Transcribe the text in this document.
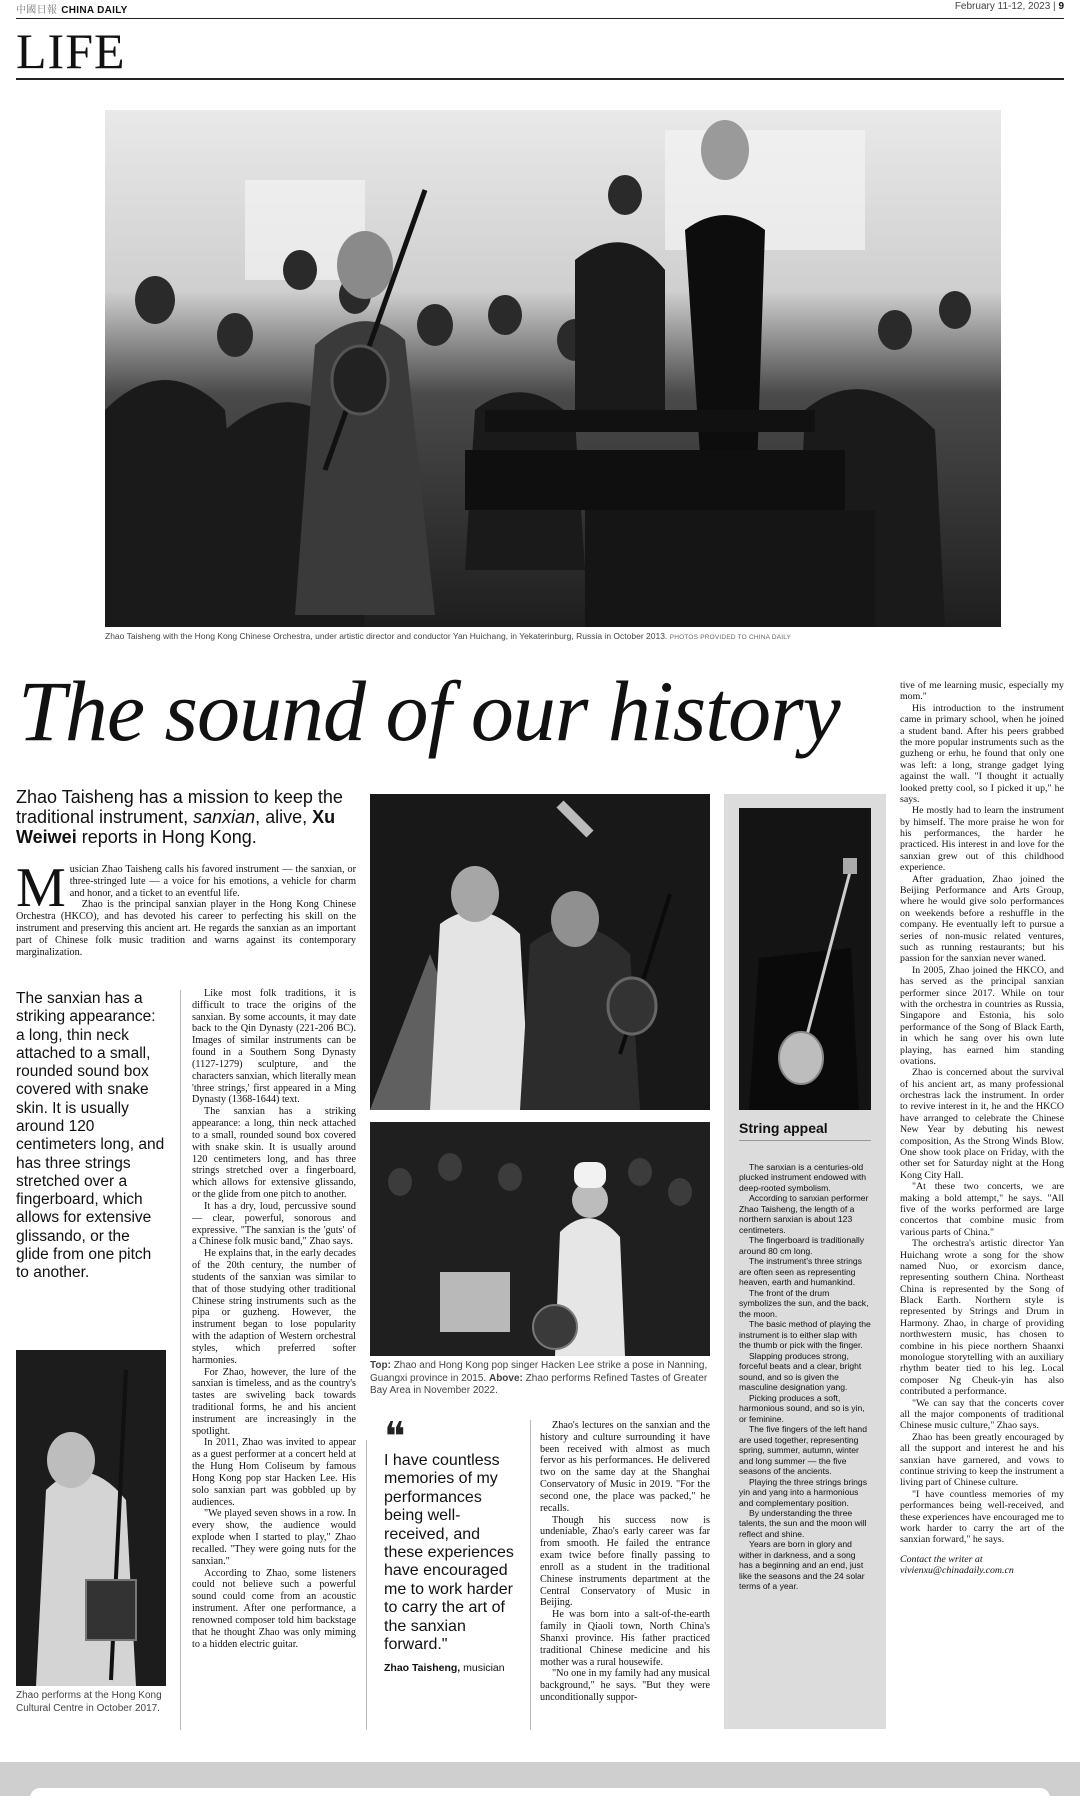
中國日報 CHINA DAILY	February 11-12, 2023 | 9
LIFE
Zhao Taisheng with the Hong Kong Chinese Orchestra, under artistic director and conductor Yan Huichang, in Yekaterinburg, Russia in October 2013. PHOTOS PROVIDED TO CHINA DAILY
The sound of our history
Zhao Taisheng has a mission to keep the traditional instrument, sanxian, alive, Xu Weiwei reports in Hong Kong.
M usician Zhao Taisheng calls his favored instrument — the sanxian, or three-stringed lute — a voice for his emotions, a vehicle for charm and honor, and a ticket to an eventful life.

Zhao is the principal sanxian player in the Hong Kong Chinese Orchestra (HKCO), and has devoted his career to perfecting his skill on the instrument and preserving this ancient art. He regards the sanxian as an important part of Chinese folk music tradition and warns against its contemporary marginalization.

The sanxian has a striking appearance: a long, thin neck attached to a small, rounded sound box covered with snake skin. It is usually around 120 centimeters long, and has three strings stretched over a fingerboard, which allows for extensive glissando, or the glide from one pitch to another.
Zhao performs at the Hong Kong Cultural Centre in October 2017.

Like most folk traditions, it is difficult to trace the origins of the sanxian. By some accounts, it may date back to the Qin Dynasty (221-206 BC). Images of similar instruments can be found in a Southern Song Dynasty (1127-1279) sculpture, and the characters sanxian, which literally mean 'three strings,' first appeared in a Ming Dynasty (1368-1644) text.

The sanxian has a striking appearance: a long, thin neck attached to a small, rounded sound box covered with snake skin. It is usually around 120 centimeters long, and has three strings stretched over a fingerboard, which allows for extensive glissando, or the glide from one pitch to another.

It has a dry, loud, percussive sound — clear, powerful, sonorous and expressive. "The sanxian is the 'guts' of a Chinese folk music band," Zhao says.

He explains that, in the early decades of the 20th century, the number of students of the sanxian was similar to that of those studying other traditional Chinese string instruments such as the pipa or guzheng. However, the instrument began to lose popularity with the adaption of Western orchestral styles, which preferred softer harmonies.

For Zhao, however, the lure of the sanxian is timeless, and as the country's tastes are swiveling back towards traditional forms, he and his ancient instrument are increasingly in the spotlight.

In 2011, Zhao was invited to appear as a guest performer at a concert held at the Hung Hom Coliseum by famous Hong Kong pop star Hacken Lee. His solo sanxian part was gobbled up by audiences.

"We played seven shows in a row. In every show, the audience would explode when I started to play," Zhao recalled. "They were going nuts for the sanxian."

According to Zhao, some listeners could not believe such a powerful sound could come from an acoustic instrument. After one performance, a renowned composer told him backstage that he thought Zhao was only miming to a hidden electric guitar.

Top: Zhao and Hong Kong pop singer Hacken Lee strike a pose in Nanning, Guangxi province in 2015. Above: Zhao performs Refined Tastes of Greater Bay Area in November 2022.
❝
I have countless memories of my performances being well-received, and these experiences have encouraged me to work harder to carry the art of the sanxian forward."
Zhao Taisheng, musician

Zhao's lectures on the sanxian and the history and culture surrounding it have been received with almost as much fervor as his performances. He delivered two on the same day at the Shanghai Conservatory of Music in 2019. "For the second one, the place was packed," he recalls.

Though his success now is undeniable, Zhao's early career was far from smooth. He failed the entrance exam twice before finally passing to enroll as a student in the traditional Chinese instruments department at the Central Conservatory of Music in Beijing.

He was born into a salt-of-the-earth family in Qiaoli town, North China's Shanxi province. His father practiced traditional Chinese medicine and his mother was a rural housewife.

"No one in my family had any musical background," he says. "But they were unconditionally suppor-

String appeal

The sanxian is a centuries-old plucked instrument endowed with deep-rooted symbolism.

According to sanxian performer Zhao Taisheng, the length of a northern sanxian is about 123 centimeters.

The fingerboard is traditionally around 80 cm long.

The instrument's three strings are often seen as representing heaven, earth and humankind.

The front of the drum symbolizes the sun, and the back, the moon.

The basic method of playing the instrument is to either slap with the thumb or pick with the finger.

Slapping produces strong, forceful beats and a clear, bright sound, and so is given the masculine designation yang.

Picking produces a soft, harmonious sound, and so is yin, or feminine.

The five fingers of the left hand are used together, representing spring, summer, autumn, winter and long summer — the five seasons of the ancients.

Playing the three strings brings yin and yang into a harmonious and complementary position.

By understanding the three talents, the sun and the moon will reflect and shine.

Years are born in glory and wither in darkness, and a song has a beginning and an end, just like the seasons and the 24 solar terms of a year.

tive of me learning music, especially my mom."

His introduction to the instrument came in primary school, when he joined a student band. After his peers grabbed the more popular instruments such as the guzheng or erhu, he found that only one was left: a long, strange gadget lying against the wall. "I thought it actually looked pretty cool, so I picked it up," he says.

He mostly had to learn the instrument by himself. The more praise he won for his performances, the harder he practiced. His interest in and love for the sanxian grew out of this childhood experience.

After graduation, Zhao joined the Beijing Performance and Arts Group, where he would give solo performances on weekends before a reshuffle in the company. He eventually left to pursue a series of non-music related ventures, such as running restaurants; but his passion for the sanxian never waned.

In 2005, Zhao joined the HKCO, and has served as the principal sanxian performer since 2017. While on tour with the orchestra in countries as Russia, Singapore and Estonia, his solo performance of the Song of Black Earth, in which he sang over his own lute playing, has earned him standing ovations.

Zhao is concerned about the survival of his ancient art, as many professional orchestras lack the instrument. In order to revive interest in it, he and the HKCO have arranged to celebrate the Chinese New Year by debuting his newest composition, As the Strong Winds Blow. One show took place on Friday, with the other set for Saturday night at the Hong Kong City Hall.

"At these two concerts, we are making a bold attempt," he says. "All five of the works performed are large concertos that combine music from various parts of China."

The orchestra's artistic director Yan Huichang wrote a song for the show named Nuo, or exorcism dance, representing southern China. Northeast China is represented by the Song of Black Earth. Northern style is represented by Strings and Drum in Harmony. Zhao, in charge of providing northwestern music, has chosen to combine in his piece northern Shaanxi monologue storytelling with an auxiliary rhythm beater tied to his leg. Local composer Ng Cheuk-yin has also contributed a performance.

"We can say that the concerts cover all the major components of traditional Chinese music culture," Zhao says.

Zhao has been greatly encouraged by all the support and interest he and his sanxian have garnered, and vows to continue striving to keep the instrument a living part of Chinese culture.

"I have countless memories of my performances being well-received, and these experiences have encouraged me to work harder to carry the art of the sanxian forward," he says.

Contact the writer at
vivienxu@chinadaily.com.cn
